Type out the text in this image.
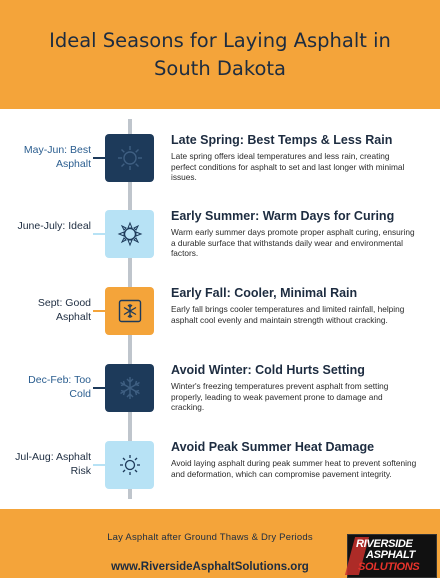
Ideal Seasons for Laying Asphalt in South Dakota
May-Jun: Best Asphalt
Late Spring: Best Temps & Less Rain
Late spring offers ideal temperatures and less rain, creating perfect conditions for asphalt to set and last longer with minimal issues.
June-July: Ideal
Early Summer: Warm Days for Curing
Warm early summer days promote proper asphalt curing, ensuring a durable surface that withstands daily wear and environmental factors.
Sept: Good Asphalt
Early Fall: Cooler, Minimal Rain
Early fall brings cooler temperatures and limited rainfall, helping asphalt cool evenly and maintain strength without cracking.
Dec-Feb: Too Cold
Avoid Winter: Cold Hurts Setting
Winter's freezing temperatures prevent asphalt from setting properly, leading to weak pavement prone to damage and cracking.
Jul-Aug: Asphalt Risk
Avoid Peak Summer Heat Damage
Avoid laying asphalt during peak summer heat to prevent softening and deformation, which can compromise pavement integrity.
Lay Asphalt after Ground Thaws & Dry Periods
www.RiversideAsphaltSolutions.org
RIVERSIDE
ASPHALT
SOLUTIONS
